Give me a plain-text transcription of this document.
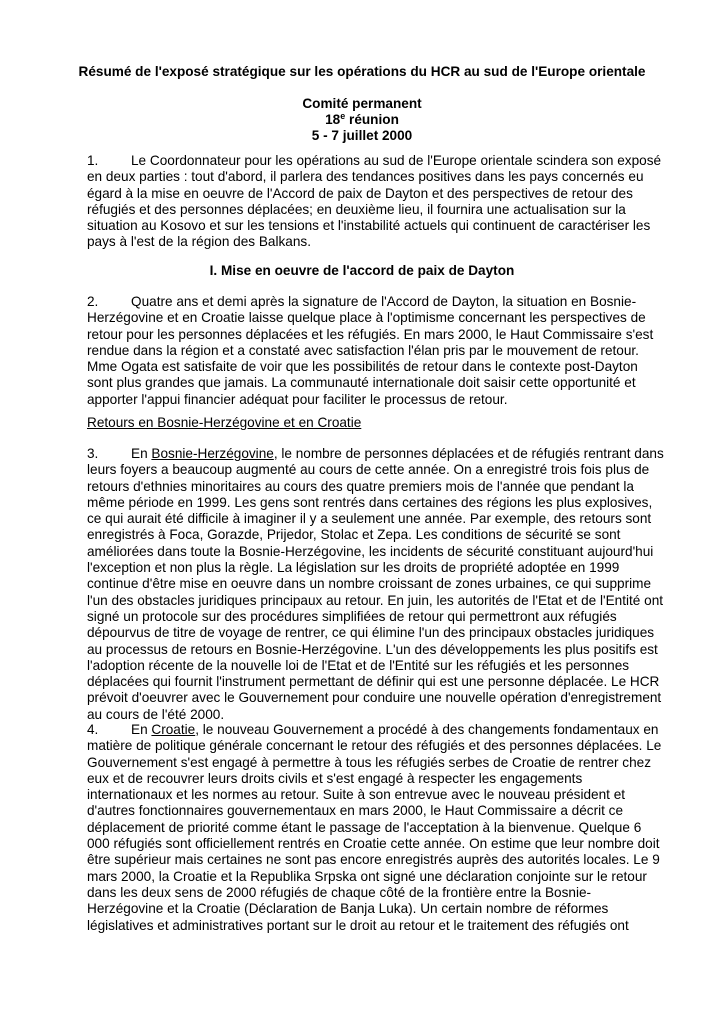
Résumé de l'exposé stratégique sur les opérations du HCR au sud de l'Europe orientale
Comité permanent
18e réunion
5 - 7 juillet 2000
1. Le Coordonnateur pour les opérations au sud de l'Europe orientale scindera son exposé en deux parties : tout d'abord, il parlera des tendances positives dans les pays concernés eu égard à la mise en oeuvre de l'Accord de paix de Dayton et des perspectives de retour des réfugiés et des personnes déplacées; en deuxième lieu, il fournira une actualisation sur la situation au Kosovo et sur les tensions et l'instabilité actuels qui continuent de caractériser les pays à l'est de la région des Balkans.
I. Mise en oeuvre de l'accord de paix de Dayton
2. Quatre ans et demi après la signature de l'Accord de Dayton, la situation en Bosnie-Herzégovine et en Croatie laisse quelque place à l'optimisme concernant les perspectives de retour pour les personnes déplacées et les réfugiés. En mars 2000, le Haut Commissaire s'est rendue dans la région et a constaté avec satisfaction l'élan pris par le mouvement de retour. Mme Ogata est satisfaite de voir que les possibilités de retour dans le contexte post-Dayton sont plus grandes que jamais. La communauté internationale doit saisir cette opportunité et apporter l'appui financier adéquat pour faciliter le processus de retour.
Retours en Bosnie-Herzégovine et en Croatie
3. En Bosnie-Herzégovine, le nombre de personnes déplacées et de réfugiés rentrant dans leurs foyers a beaucoup augmenté au cours de cette année. On a enregistré trois fois plus de retours d'ethnies minoritaires au cours des quatre premiers mois de l'année que pendant la même période en 1999. Les gens sont rentrés dans certaines des régions les plus explosives, ce qui aurait été difficile à imaginer il y a seulement une année. Par exemple, des retours sont enregistrés à Foca, Gorazde, Prijedor, Stolac et Zepa. Les conditions de sécurité se sont améliorées dans toute la Bosnie-Herzégovine, les incidents de sécurité constituant aujourd'hui l'exception et non plus la règle. La législation sur les droits de propriété adoptée en 1999 continue d'être mise en oeuvre dans un nombre croissant de zones urbaines, ce qui supprime l'un des obstacles juridiques principaux au retour. En juin, les autorités de l'Etat et de l'Entité ont signé un protocole sur des procédures simplifiées de retour qui permettront aux réfugiés dépourvus de titre de voyage de rentrer, ce qui élimine l'un des principaux obstacles juridiques au processus de retours en Bosnie-Herzégovine. L'un des développements les plus positifs est l'adoption récente de la nouvelle loi de l'Etat et de l'Entité sur les réfugiés et les personnes déplacées qui fournit l'instrument permettant de définir qui est une personne déplacée. Le HCR prévoit d'oeuvrer avec le Gouvernement pour conduire une nouvelle opération d'enregistrement au cours de l'été 2000.
4. En Croatie, le nouveau Gouvernement a procédé à des changements fondamentaux en matière de politique générale concernant le retour des réfugiés et des personnes déplacées. Le Gouvernement s'est engagé à permettre à tous les réfugiés serbes de Croatie de rentrer chez eux et de recouvrer leurs droits civils et s'est engagé à respecter les engagements internationaux et les normes au retour. Suite à son entrevue avec le nouveau président et d'autres fonctionnaires gouvernementaux en mars 2000, le Haut Commissaire a décrit ce déplacement de priorité comme étant le passage de l'acceptation à la bienvenue. Quelque 6 000 réfugiés sont officiellement rentrés en Croatie cette année. On estime que leur nombre doit être supérieur mais certaines ne sont pas encore enregistrés auprès des autorités locales. Le 9 mars 2000, la Croatie et la Republika Srpska ont signé une déclaration conjointe sur le retour dans les deux sens de 2000 réfugiés de chaque côté de la frontière entre la Bosnie-Herzégovine et la Croatie (Déclaration de Banja Luka). Un certain nombre de réformes législatives et administratives portant sur le droit au retour et le traitement des réfugiés ont
